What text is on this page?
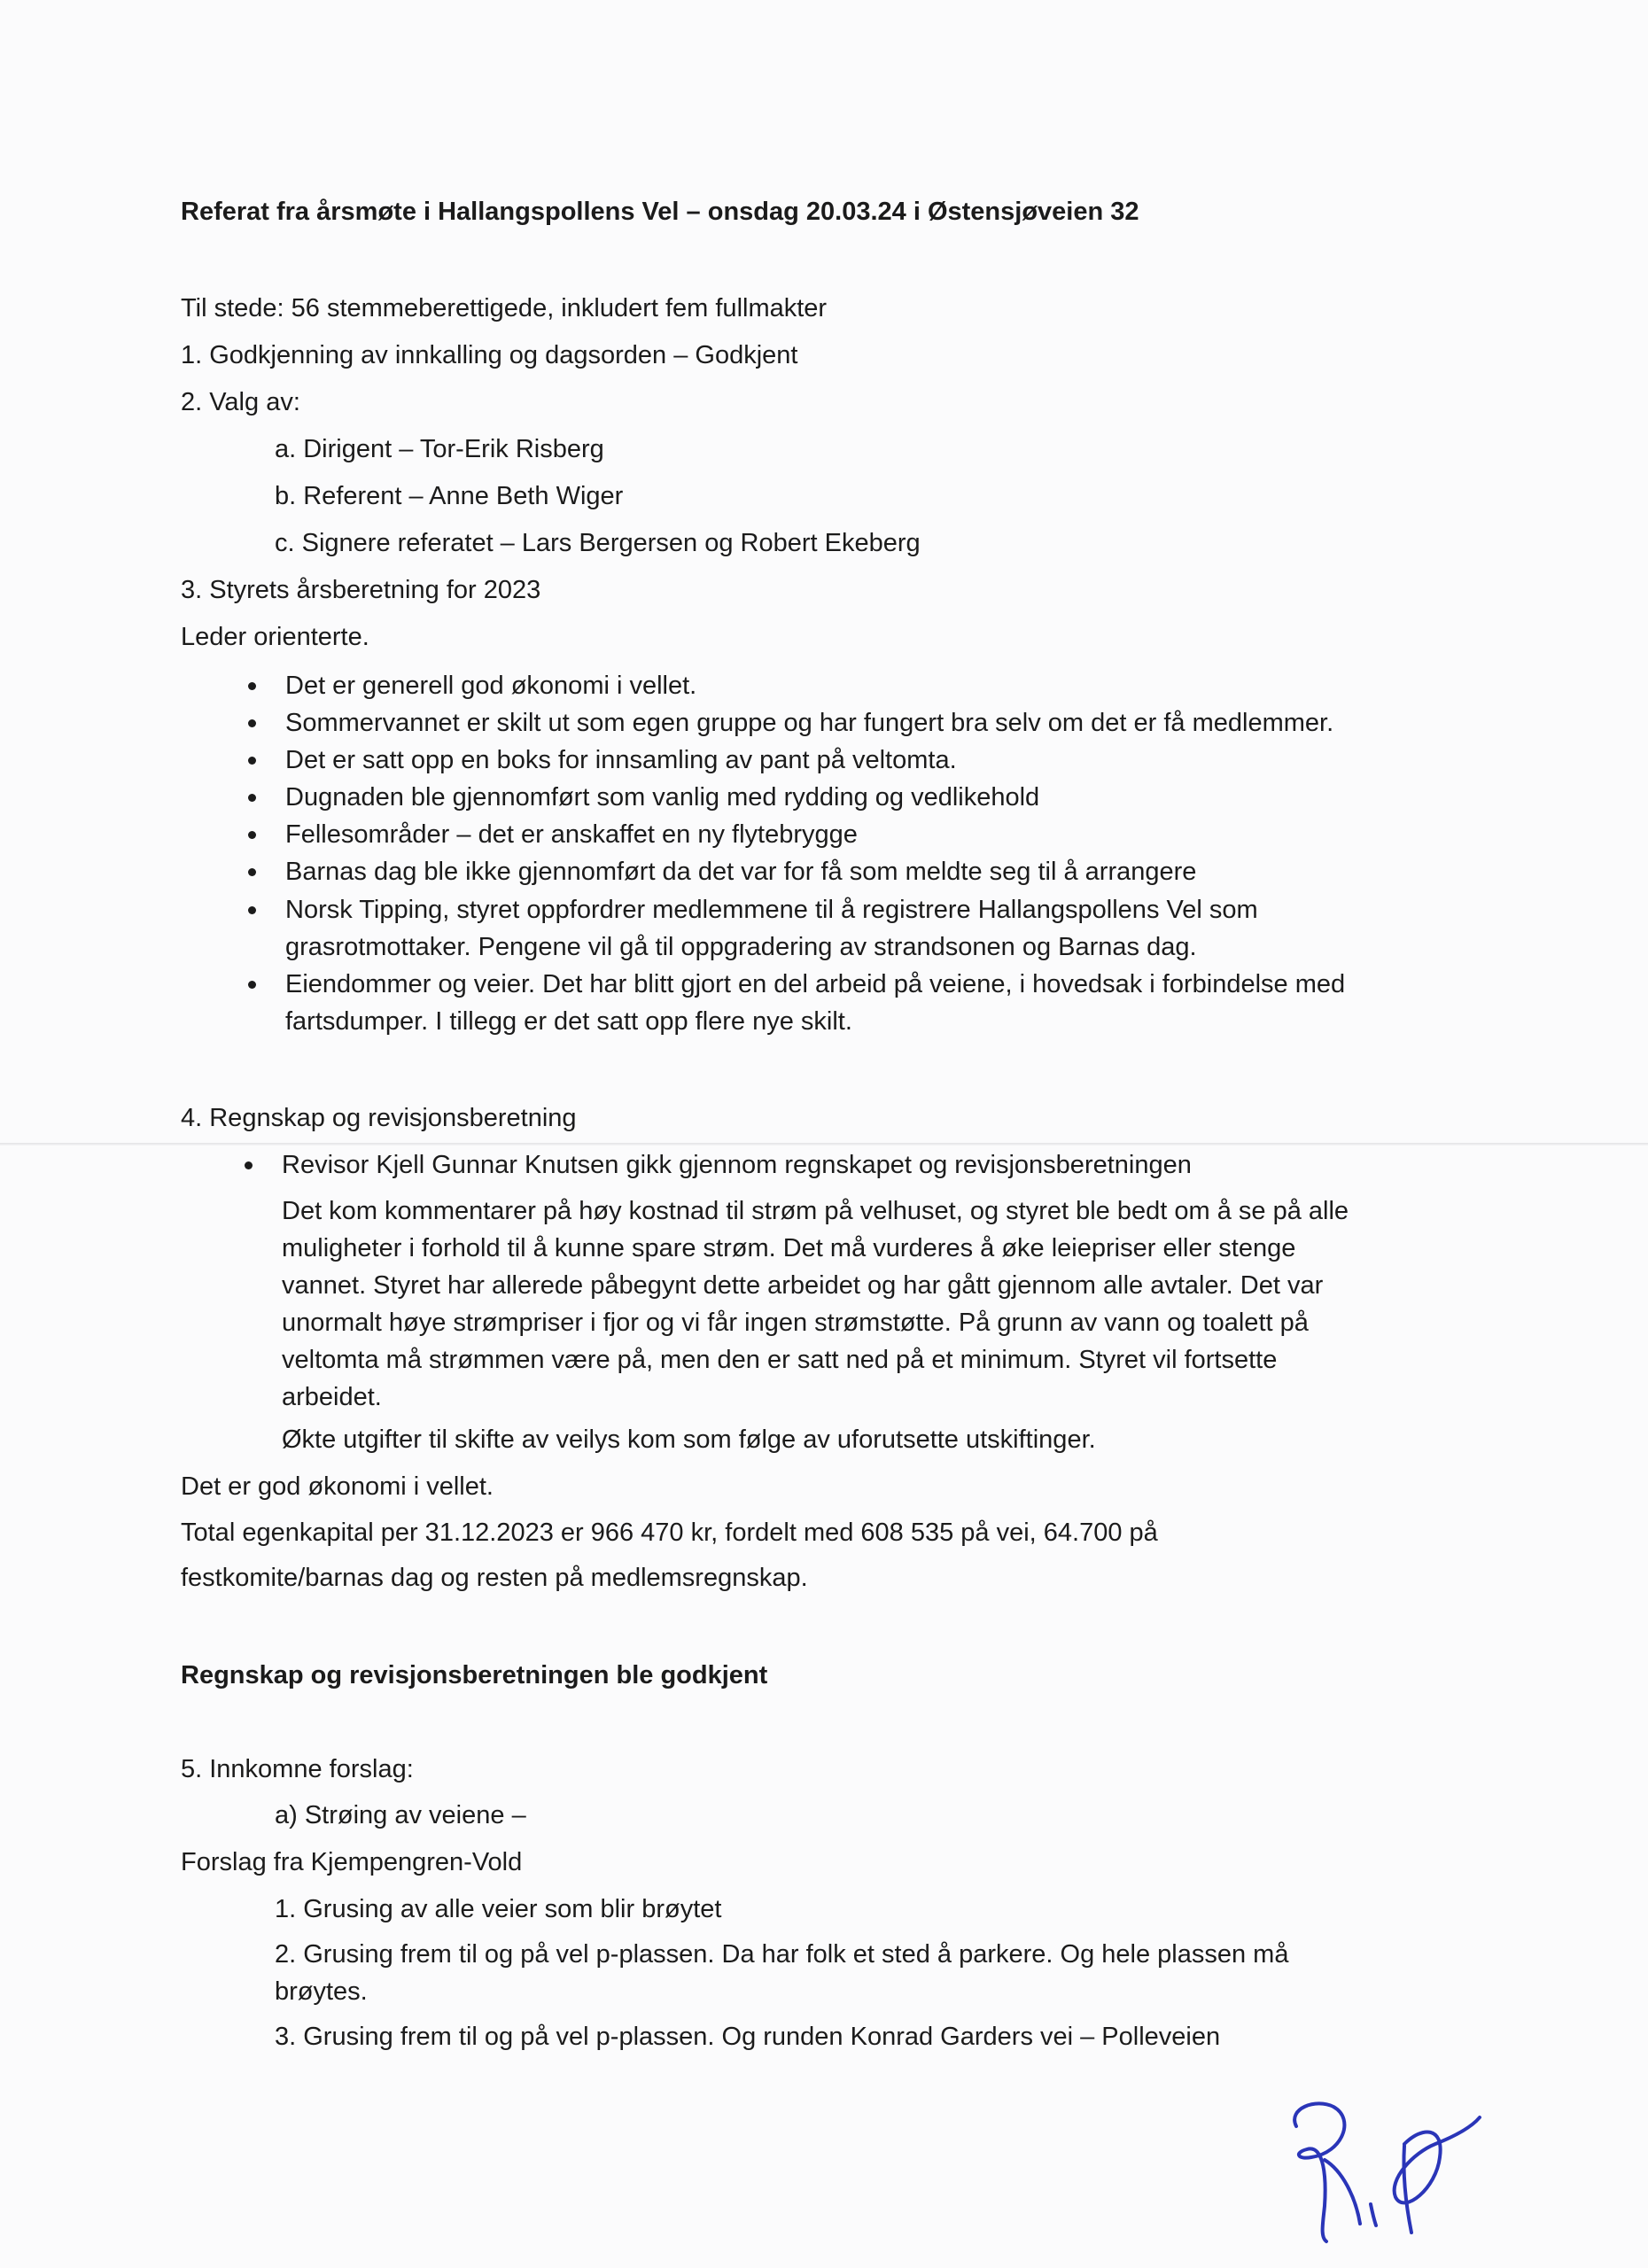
Referat fra årsmøte i Hallangspollens Vel – onsdag 20.03.24 i Østensjøveien 32
Til stede: 56 stemmeberettigede, inkludert fem fullmakter
1. Godkjenning av innkalling og dagsorden – Godkjent
2. Valg av:
a. Dirigent – Tor-Erik Risberg
b. Referent – Anne Beth Wiger
c. Signere referatet – Lars Bergersen og Robert Ekeberg
3. Styrets årsberetning for 2023
Leder orienterte.
Det er generell god økonomi i vellet.
Sommervannet er skilt ut som egen gruppe og har fungert bra selv om det er få medlemmer.
Det er satt opp en boks for innsamling av pant på veltomta.
Dugnaden ble gjennomført som vanlig med rydding og vedlikehold
Fellesområder – det er anskaffet en ny flytebrygge
Barnas dag ble ikke gjennomført da det var for få som meldte seg til å arrangere
Norsk Tipping, styret oppfordrer medlemmene til å registrere Hallangspollens Vel som
grasrotmottaker. Pengene vil gå til oppgradering av strandsonen og Barnas dag.
Eiendommer og veier. Det har blitt gjort en del arbeid på veiene, i hovedsak i forbindelse med
fartsdumper. I tillegg er det satt opp flere nye skilt.
4. Regnskap og revisjonsberetning
Revisor Kjell Gunnar Knutsen gikk gjennom regnskapet og revisjonsberetningen
Det kom kommentarer på høy kostnad til strøm på velhuset, og styret ble bedt om å se på alle
muligheter i forhold til å kunne spare strøm. Det må vurderes å øke leiepriser eller stenge
vannet. Styret har allerede påbegynt dette arbeidet og har gått gjennom alle avtaler. Det var
unormalt høye strømpriser i fjor og vi får ingen strømstøtte. På grunn av vann og toalett på
veltomta må strømmen være på, men den er satt ned på et minimum. Styret vil fortsette
arbeidet.
Økte utgifter til skifte av veilys kom som følge av uforutsette utskiftinger.
Det er god økonomi i vellet.
Total egenkapital per 31.12.2023 er 966 470 kr, fordelt med 608 535 på vei, 64.700 på
festkomite/barnas dag og resten på medlemsregnskap.
Regnskap og revisjonsberetningen ble godkjent
5. Innkomne forslag:
a) Strøing av veiene –
Forslag fra Kjempengren-Vold
1. Grusing av alle veier som blir brøytet
2. Grusing frem til og på vel p-plassen. Da har folk et sted å parkere. Og hele plassen må
brøytes.
3. Grusing frem til og på vel p-plassen. Og runden Konrad Garders vei – Polleveien
